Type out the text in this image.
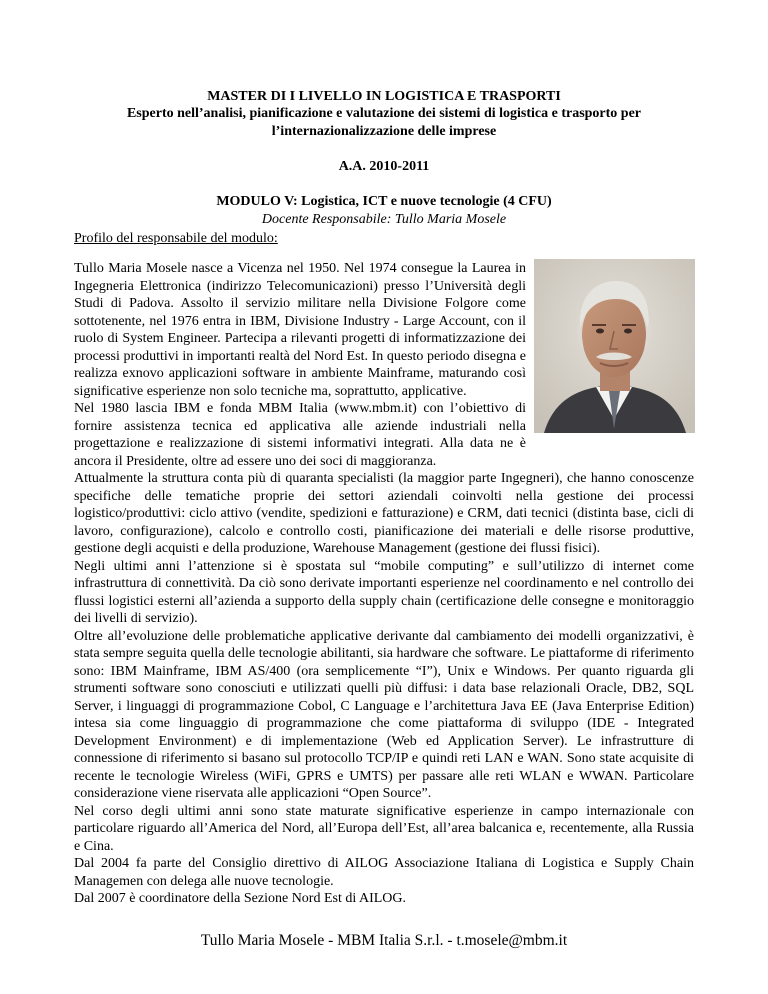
MASTER DI I LIVELLO IN LOGISTICA E TRASPORTI
Esperto nell’analisi, pianificazione e valutazione dei sistemi di logistica e trasporto per
l’internazionalizzazione delle imprese
A.A. 2010-2011
MODULO V: Logistica, ICT e nuove tecnologie (4 CFU)
Docente Responsabile: Tullo Maria Mosele
Profilo del responsabile del modulo:

Tullo Maria Mosele nasce a Vicenza nel 1950. Nel 1974 consegue la Laurea in Ingegneria Elettronica (indirizzo Telecomunicazioni) presso l’Università degli Studi di Padova. Assolto il servizio militare nella Divisione Folgore come sottotenente, nel 1976 entra in IBM, Divisione Industry - Large Account, con il ruolo di System Engineer. Partecipa a rilevanti progetti di informatizzazione dei processi produttivi in importanti realtà del Nord Est. In questo periodo disegna e realizza exnovo applicazioni software in ambiente Mainframe, maturando così significative esperienze non solo tecniche ma, soprattutto, applicative.

Nel 1980 lascia IBM e fonda MBM Italia (www.mbm.it) con l’obiettivo di fornire assistenza tecnica ed applicativa alle aziende industriali nella progettazione e realizzazione di sistemi informativi integrati. Alla data ne è ancora il Presidente, oltre ad essere uno dei soci di maggioranza.

Attualmente la struttura conta più di quaranta specialisti (la maggior parte Ingegneri), che hanno conoscenze specifiche delle tematiche proprie dei settori aziendali coinvolti nella gestione dei processi logistico/produttivi: ciclo attivo (vendite, spedizioni e fatturazione) e CRM, dati tecnici (distinta base, cicli di lavoro, configurazione), calcolo e controllo costi, pianificazione dei materiali e delle risorse produttive, gestione degli acquisti e della produzione, Warehouse Management (gestione dei flussi fisici).

Negli ultimi anni l’attenzione si è spostata sul “mobile computing” e sull’utilizzo di internet come infrastruttura di connettività. Da ciò sono derivate importanti esperienze nel coordinamento e nel controllo dei flussi logistici esterni all’azienda a supporto della supply chain (certificazione delle consegne e monitoraggio dei livelli di servizio).

Oltre all’evoluzione delle problematiche applicative derivante dal cambiamento dei modelli organizzativi, è stata sempre seguita quella delle tecnologie abilitanti, sia hardware che software. Le piattaforme di riferimento sono: IBM Mainframe, IBM AS/400 (ora semplicemente “I”), Unix e Windows. Per quanto riguarda gli strumenti software sono conosciuti e utilizzati quelli più diffusi: i data base relazionali Oracle, DB2, SQL Server, i linguaggi di programmazione Cobol, C Language e l’architettura Java EE (Java Enterprise Edition) intesa sia come linguaggio di programmazione che come piattaforma di sviluppo (IDE - Integrated Development Environment) e di implementazione (Web ed Application Server). Le infrastrutture di connessione di riferimento si basano sul protocollo TCP/IP e quindi reti LAN e WAN. Sono state acquisite di recente le tecnologie Wireless (WiFi, GPRS e UMTS) per passare alle reti WLAN e WWAN. Particolare considerazione viene riservata alle applicazioni “Open Source”.

Nel corso degli ultimi anni sono state maturate significative esperienze in campo internazionale con particolare riguardo all’America del Nord, all’Europa dell’Est, all’area balcanica e, recentemente, alla Russia e Cina.

Dal 2004 fa parte del Consiglio direttivo di AILOG Associazione Italiana di Logistica e Supply Chain Managemen con delega alle nuove tecnologie.

Dal 2007 è coordinatore della Sezione Nord Est di AILOG.

Tullo Maria Mosele - MBM Italia S.r.l. - t.mosele@mbm.it
